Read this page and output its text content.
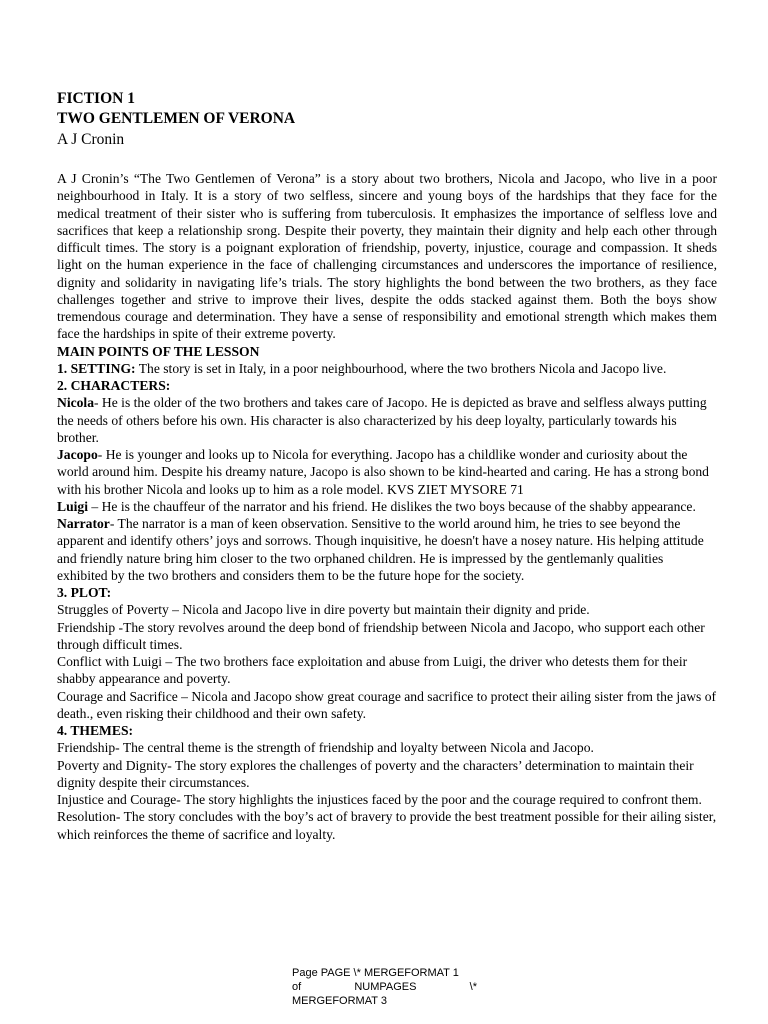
FICTION 1
TWO GENTLEMEN OF VERONA
A J Cronin

A J Cronin’s “The Two Gentlemen of Verona” is a story about two brothers, Nicola and Jacopo, who live in a poor neighbourhood in Italy. It is a story of two selfless, sincere and young boys of the hardships that they face for the medical treatment of their sister who is suffering from tuberculosis. It emphasizes the importance of selfless love and sacrifices that keep a relationship srong. Despite their poverty, they maintain their dignity and help each other through difficult times. The story is a poignant exploration of friendship, poverty, injustice, courage and compassion. It sheds light on the human experience in the face of challenging circumstances and underscores the importance of resilience, dignity and solidarity in navigating life’s trials. The story highlights the bond between the two brothers, as they face challenges together and strive to improve their lives, despite the odds stacked against them. Both the boys show tremendous courage and determination. They have a sense of responsibility and emotional strength which makes them face the hardships in spite of their extreme poverty.

MAIN POINTS OF THE LESSON

1. SETTING: The story is set in Italy, in a poor neighbourhood, where the two brothers Nicola and Jacopo live.

2. CHARACTERS:

Nicola- He is the older of the two brothers and takes care of Jacopo. He is depicted as brave and selfless always putting the needs of others before his own. His character is also characterized by his deep loyalty, particularly towards his brother.

Jacopo- He is younger and looks up to Nicola for everything. Jacopo has a childlike wonder and curiosity about the world around him. Despite his dreamy nature, Jacopo is also shown to be kind-hearted and caring. He has a strong bond with his brother Nicola and looks up to him as a role model. KVS ZIET MYSORE 71

Luigi – He is the chauffeur of the narrator and his friend. He dislikes the two boys because of the shabby appearance.

Narrator- The narrator is a man of keen observation. Sensitive to the world around him, he tries to see beyond the apparent and identify others’ joys and sorrows. Though inquisitive, he doesn't have a nosey nature. His helping attitude and friendly nature bring him closer to the two orphaned children. He is impressed by the gentlemanly qualities exhibited by the two brothers and considers them to be the future hope for the society.

3. PLOT:

Struggles of Poverty – Nicola and Jacopo live in dire poverty but maintain their dignity and pride.

Friendship -The story revolves around the deep bond of friendship between Nicola and Jacopo, who support each other through difficult times.

Conflict with Luigi – The two brothers face exploitation and abuse from Luigi, the driver who detests them for their shabby appearance and poverty.

Courage and Sacrifice – Nicola and Jacopo show great courage and sacrifice to protect their ailing sister from the jaws of death., even risking their childhood and their own safety.

4. THEMES:

Friendship- The central theme is the strength of friendship and loyalty between Nicola and Jacopo.

Poverty and Dignity- The story explores the challenges of poverty and the characters’ determination to maintain their dignity despite their circumstances.

Injustice and Courage- The story highlights the injustices faced by the poor and the courage required to confront them.

Resolution- The story concludes with the boy’s act of bravery to provide the best treatment possible for their ailing sister, which reinforces the theme of sacrifice and loyalty.

Page PAGE \* MERGEFORMAT 1
of	NUMPAGES	\*
MERGEFORMAT 3
